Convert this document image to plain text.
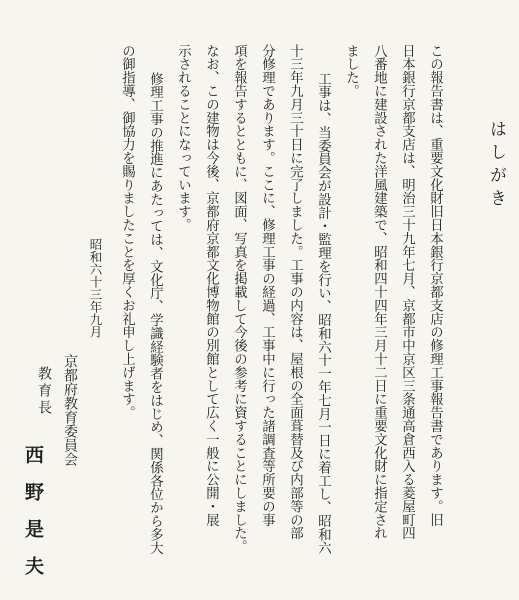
はしがき
この報告書は、重要文化財旧日本銀行京都支店の修理工事報告書であります。旧
日本銀行京都支店は、明治三十九年七月、京都市中京区三条通高倉西入る菱屋町四
八番地に建設された洋風建築で、昭和四十四年三月十二日に重要文化財に指定され
ました。
工事は、当委員会が設計・監理を行い、昭和六十一年七月一日に着工し、昭和六
十三年九月三十日に完了しました。工事の内容は、屋根の全面葺替及び内部等の部
分修理であります。ここに、修理工事の経過、工事中に行った諸調査等所要の事
項を報告するとともに、図面、写真を掲載して今後の参考に資することにしました。
なお、この建物は今後、京都府京都文化博物館の別館として広く一般に公開・展
示されることになっています。
修理工事の推進にあたっては、文化庁、学識経験者をはじめ、関係各位から多大
の御指導、御協力を賜りましたことを厚くお礼申し上げます。
昭和六十三年九月
京都府教育委員会
教育長
西野是夫
